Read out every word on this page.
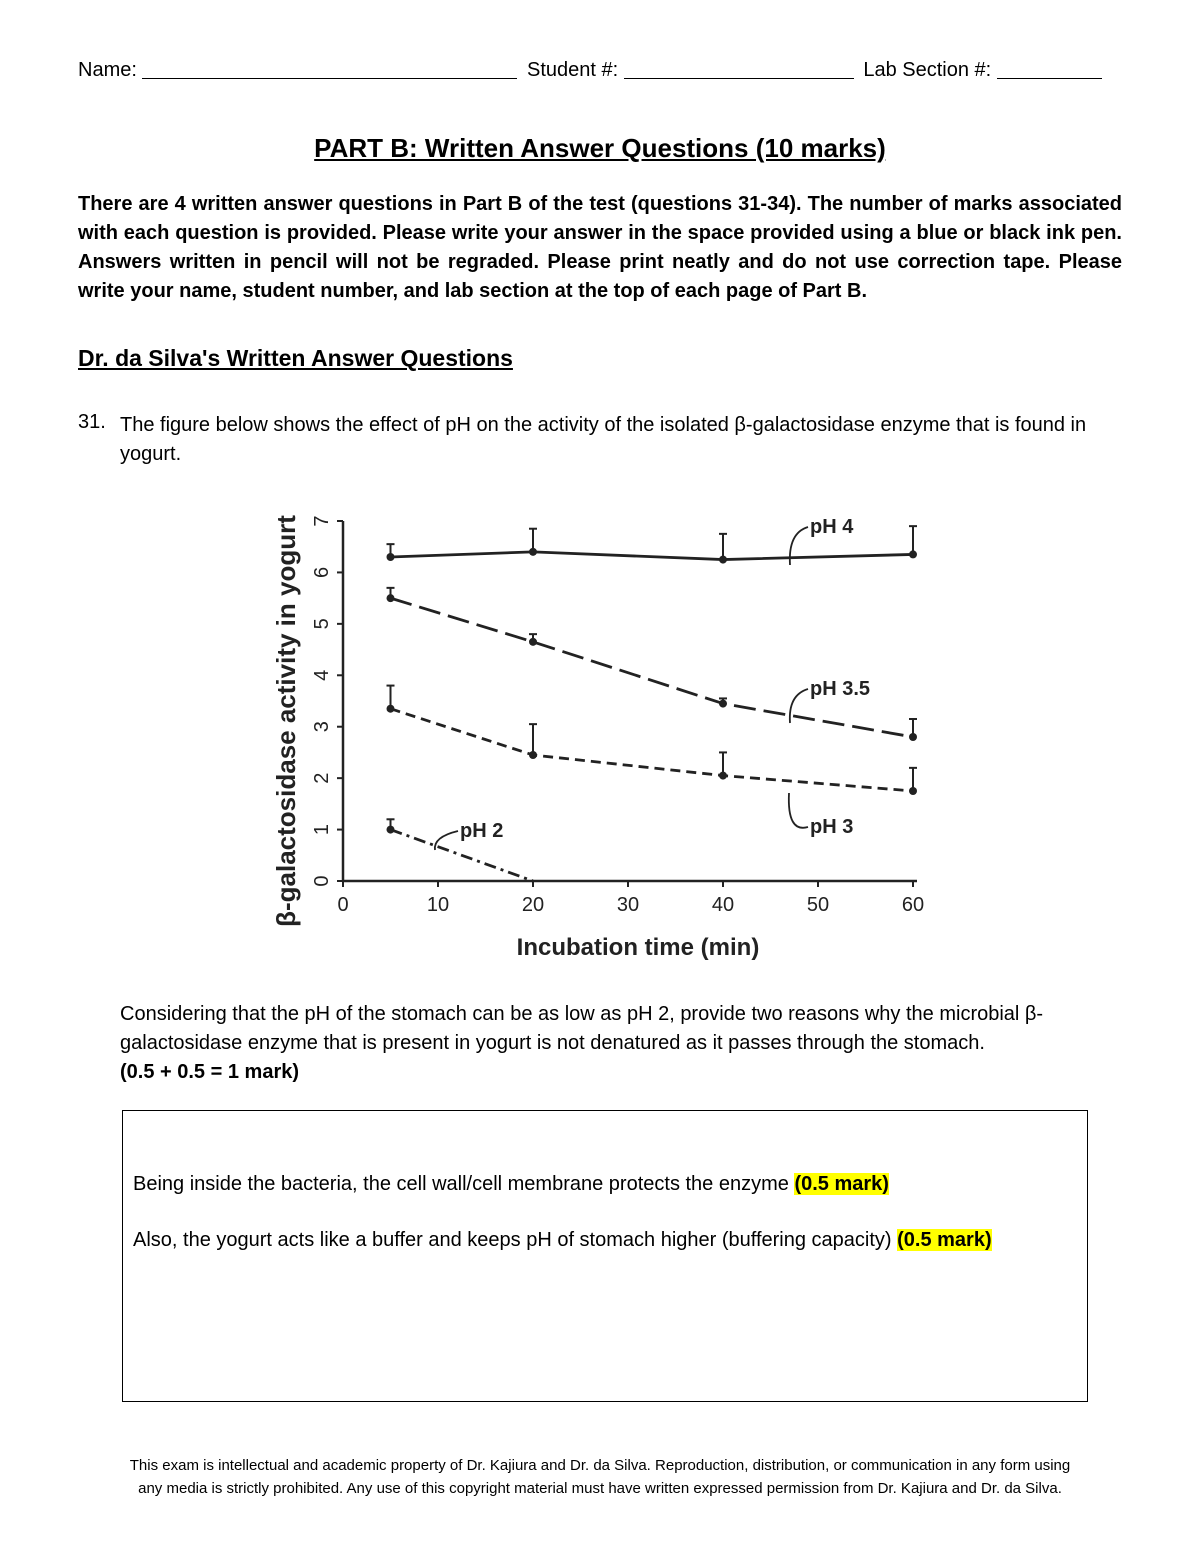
Name:	Student #:	Lab Section #:
PART B: Written Answer Questions (10 marks)
There are 4 written answer questions in Part B of the test (questions 31-34). The number of marks associated with each question is provided. Please write your answer in the space provided using a blue or black ink pen. Answers written in pencil will not be regraded. Please print neatly and do not use correction tape. Please write your name, student number, and lab section at the top of each page of Part B.
Dr. da Silva's Written Answer Questions
31. The figure below shows the effect of pH on the activity of the isolated β-galactosidase enzyme that is found in yogurt.
0	10	20	30	40	50	60
0
1
2
3
4
5
6
7
Incubation time (min)
β-galactosidase activity in yogurt	pH 4
pH 3.5
pH 3
pH 2
Considering that the pH of the stomach can be as low as pH 2, provide two reasons why the microbial β-galactosidase enzyme that is present in yogurt is not denatured as it passes through the stomach.
(0.5 + 0.5 = 1 mark)
Being inside the bacteria, the cell wall/cell membrane protects the enzyme (0.5 mark)
Also, the yogurt acts like a buffer and keeps pH of stomach higher (buffering capacity) (0.5 mark)
This exam is intellectual and academic property of Dr. Kajiura and Dr. da Silva. Reproduction, distribution, or communication in any form using
any media is strictly prohibited. Any use of this copyright material must have written expressed permission from Dr. Kajiura and Dr. da Silva.
